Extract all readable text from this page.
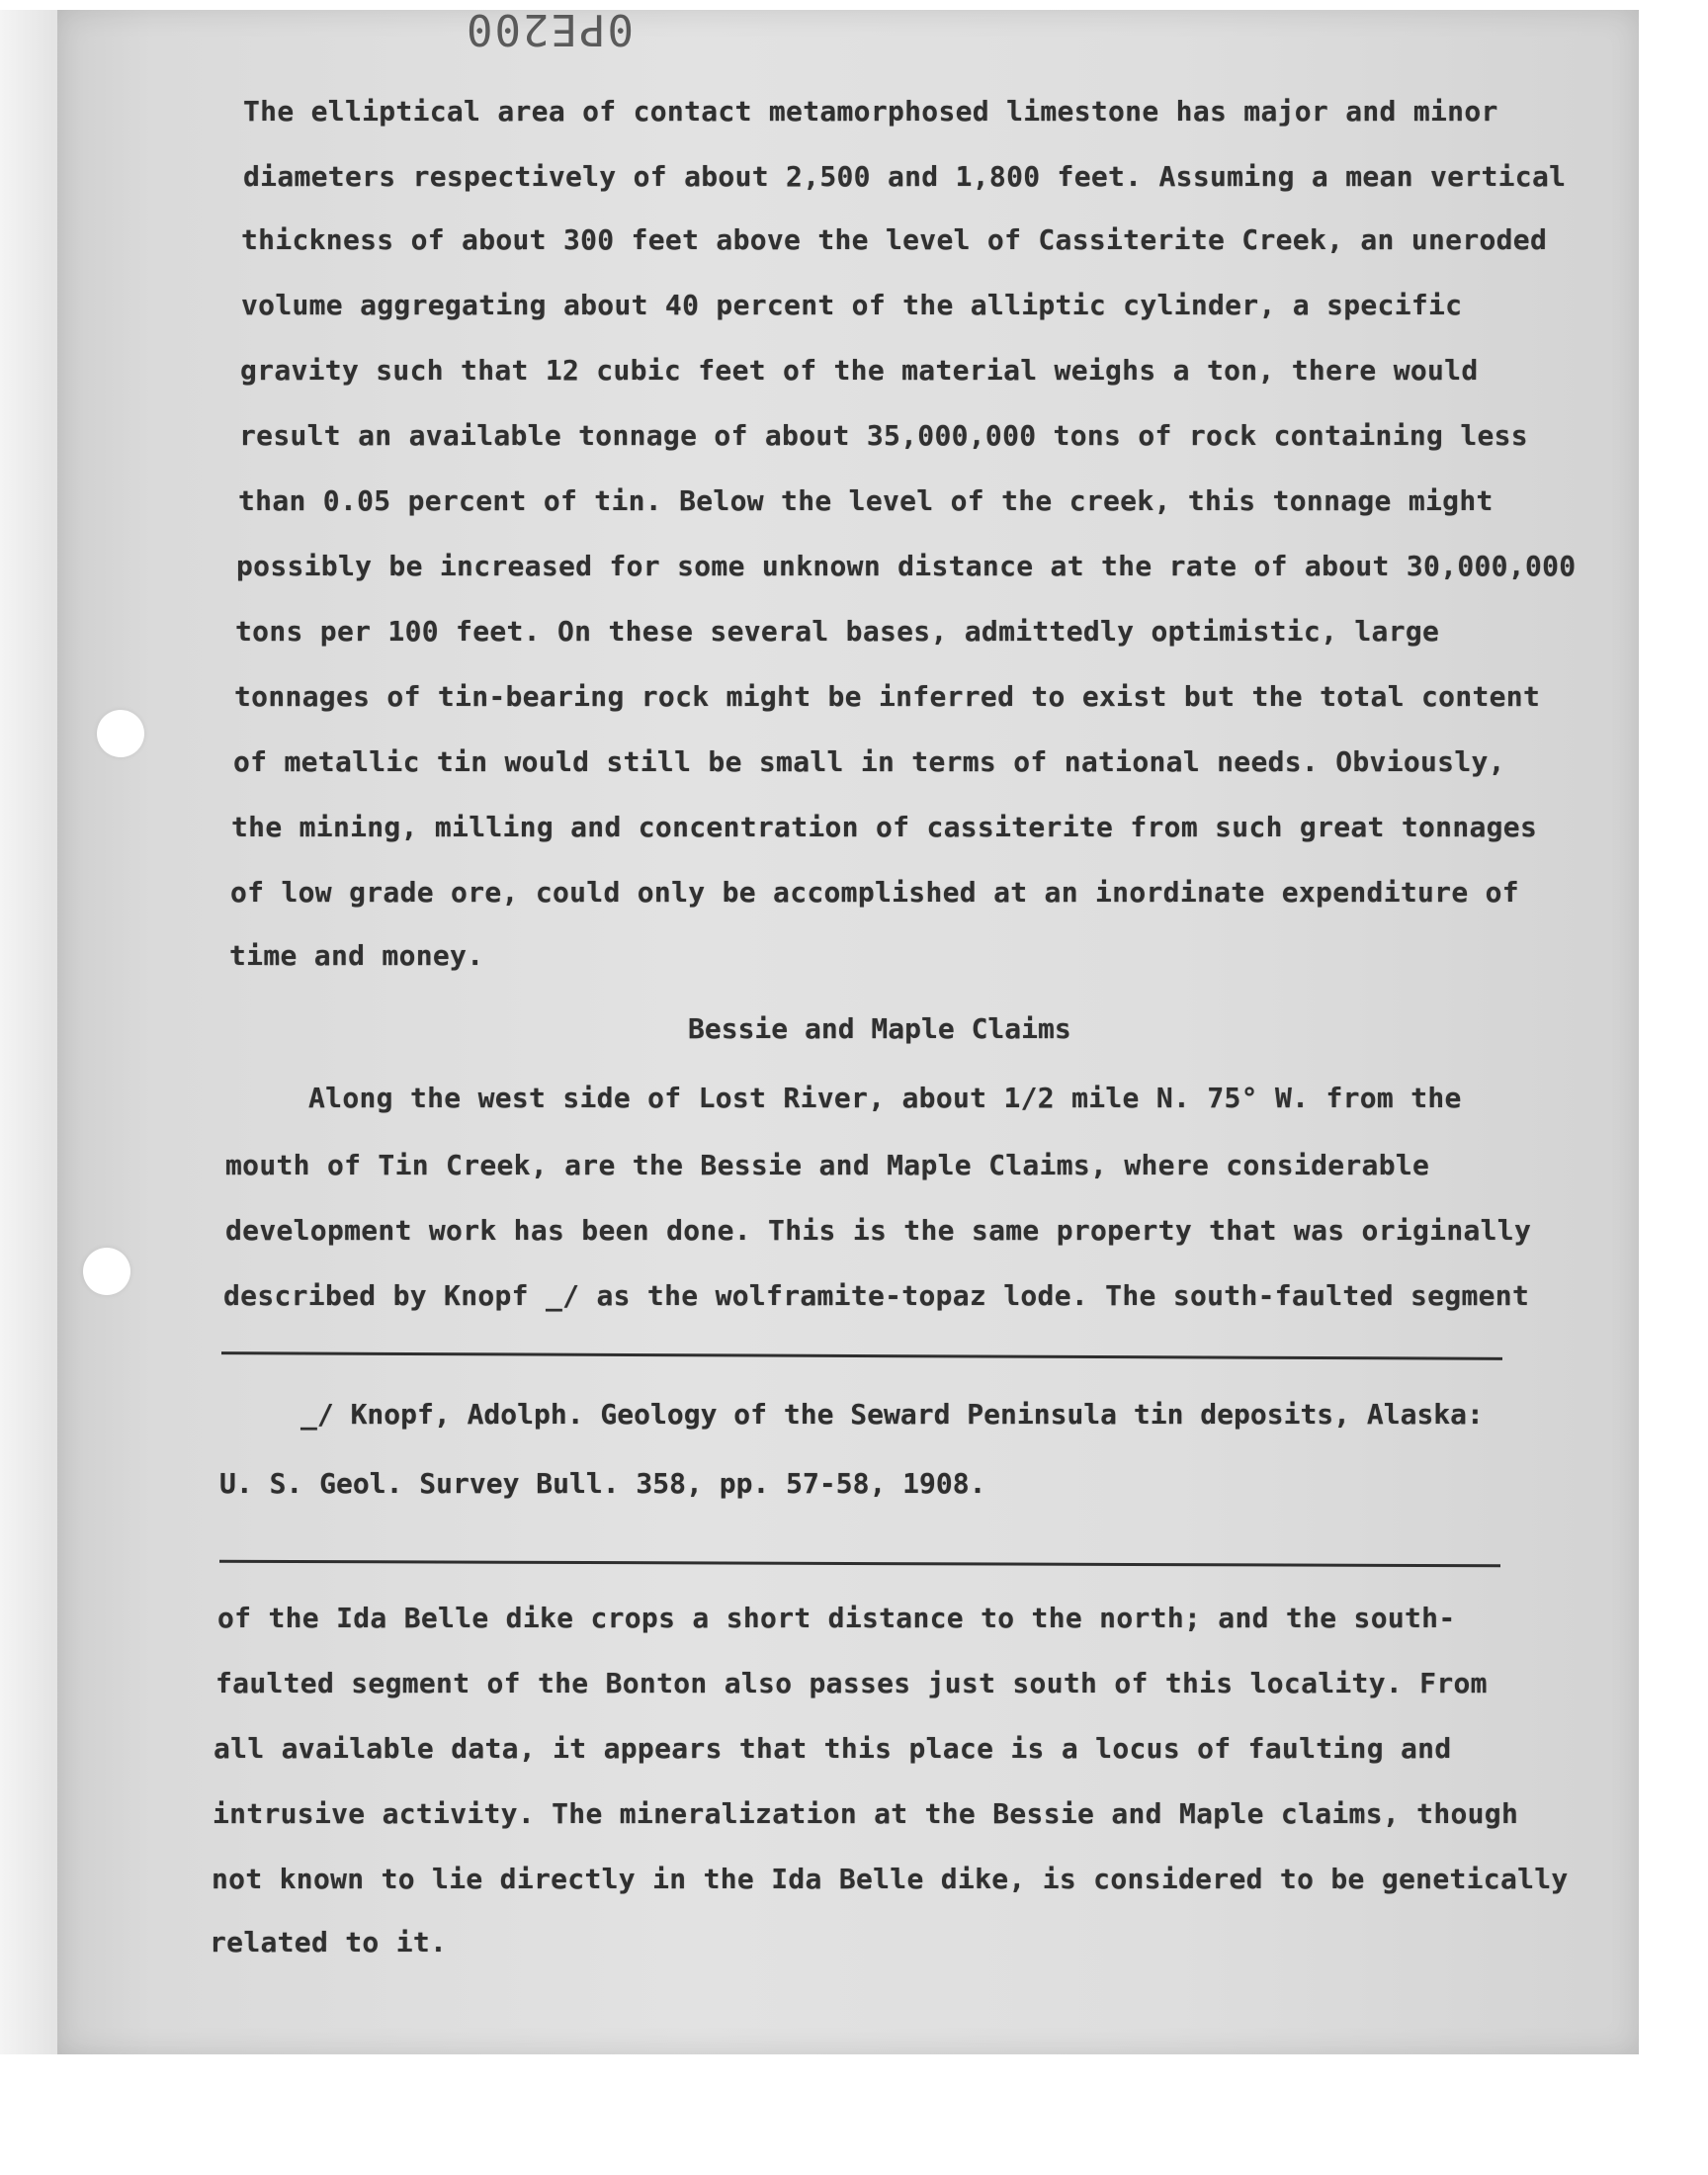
0PE200
The elliptical area of contact metamorphosed limestone has major and minor
diameters respectively of about 2,500 and 1,800 feet. Assuming a mean vertical
thickness of about 300 feet above the level of Cassiterite Creek, an uneroded
volume aggregating about 40 percent of the alliptic cylinder, a specific
gravity such that 12 cubic feet of the material weighs a ton, there would
result an available tonnage of about 35,000,000 tons of rock containing less
than 0.05 percent of tin. Below the level of the creek, this tonnage might
possibly be increased for some unknown distance at the rate of about 30,000,000
tons per 100 feet. On these several bases, admittedly optimistic, large
tonnages of tin-bearing rock might be inferred to exist but the total content
of metallic tin would still be small in terms of national needs. Obviously,
the mining, milling and concentration of cassiterite from such great tonnages
of low grade ore, could only be accomplished at an inordinate expenditure of
time and money.
Bessie and Maple Claims
Along the west side of Lost River, about 1/2 mile N. 75° W. from the
mouth of Tin Creek, are the Bessie and Maple Claims, where considerable
development work has been done. This is the same property that was originally
described by Knopf _/ as the wolframite-topaz lode. The south-faulted segment
_/ Knopf, Adolph. Geology of the Seward Peninsula tin deposits, Alaska:
U. S. Geol. Survey Bull. 358, pp. 57-58, 1908.
of the Ida Belle dike crops a short distance to the north; and the south-
faulted segment of the Bonton also passes just south of this locality. From
all available data, it appears that this place is a locus of faulting and
intrusive activity. The mineralization at the Bessie and Maple claims, though
not known to lie directly in the Ida Belle dike, is considered to be genetically
related to it.
